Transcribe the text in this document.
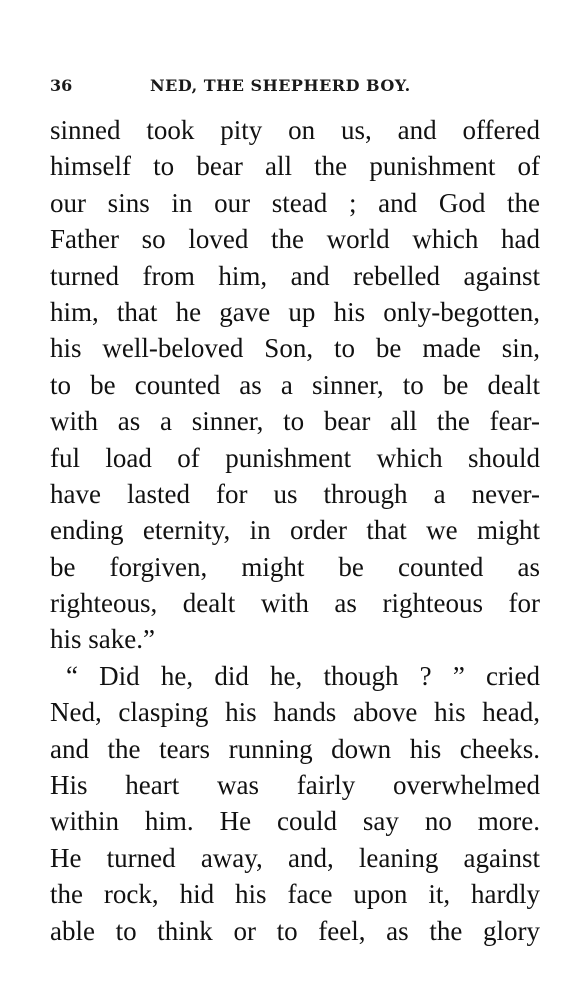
36	NED, THE SHEPHERD BOY.
sinned took pity on us, and offered
himself to bear all the punishment of
our sins in our stead ; and God the
Father so loved the world which had
turned from him, and rebelled against
him, that he gave up his only-begotten,
his well-beloved Son, to be made sin,
to be counted as a sinner, to be dealt
with as a sinner, to bear all the fear-
ful load of punishment which should
have lasted for us through a never-
ending eternity, in order that we might
be forgiven, might be counted as
righteous, dealt with as righteous for
his sake.”
“ Did he, did he, though ? ” cried
Ned, clasping his hands above his head,
and the tears running down his cheeks.
His heart was fairly overwhelmed
within him. He could say no more.
He turned away, and, leaning against
the rock, hid his face upon it, hardly
able to think or to feel, as the glory
